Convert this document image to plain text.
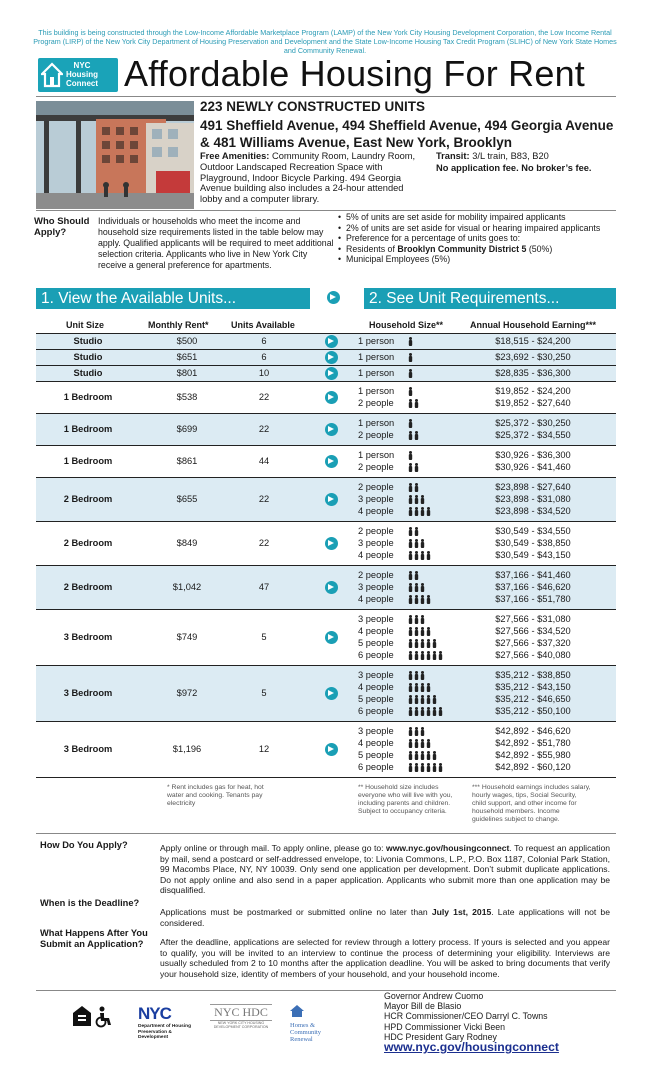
This building is being constructed through the Low-Income Affordable Marketplace Program (LAMP) of the New York City Housing Development Corporation, the Low Income Rental Program (LIRP) of the New York City Department of Housing Preservation and Development and the State Low-Income Housing Tax Credit Program (SLIHC) of New York State Homes and Community Renewal.
NYC
Housing
Connect Affordable Housing For Rent
223 NEWLY CONSTRUCTED UNITS
491 Sheffield Avenue, 494 Sheffield Avenue, 494 Georgia Avenue
& 481 Williams Avenue, East New York, Brooklyn
Free Amenities: Community Room, Laundry Room, Outdoor Landscaped Recreation Space with Playground, Indoor Bicycle Parking. 494 Georgia Avenue building also includes a 24-hour attended lobby and a computer library.
Transit: 3/L train, B83, B20
No application fee. No broker’s fee.
Who Should Apply?
Individuals or households who meet the income and household size requirements listed in the table below may apply. Qualified applicants will be required to meet additional selection criteria. Applicants who live in New York City receive a general preference for apartments.
• 5% of units are set aside for mobility impaired applicants
• 2% of units are set aside for visual or hearing impaired applicants
• Preference for a percentage of units goes to:
• Residents of Brooklyn Community District 5 (50%)
• Municipal Employees (5%)
1. View the Available Units...	2. See Unit Requirements...
Unit Size	Monthly Rent*	Units Available	Household Size**	Annual Household Earning***
Studio	$500	6	1 person	$18,515 - $24,200
Studio	$651	6	1 person	$23,692 - $30,250
Studio	$801	10	1 person	$28,835 - $36,300
1 Bedroom	$538	22
1 person	$19,852 - $24,200
2 people	$19,852 - $27,640
1 Bedroom	$699	22
1 person	$25,372 - $30,250
2 people	$25,372 - $34,550
1 Bedroom	$861	44
1 person	$30,926 - $36,300
2 people	$30,926 - $41,460
2 Bedroom	$655	22
2 people	$23,898 - $27,640
3 people	$23,898 - $31,080
4 people	$23,898 - $34,520
2 Bedroom	$849	22
2 people	$30,549 - $34,550
3 people	$30,549 - $38,850
4 people	$30,549 - $43,150
2 Bedroom	$1,042	47
2 people	$37,166 - $41,460
3 people	$37,166 - $46,620
4 people	$37,166 - $51,780
3 Bedroom	$749	5
3 people	$27,566 - $31,080
4 people	$27,566 - $34,520
5 people	$27,566 - $37,320
6 people	$27,566 - $40,080
3 Bedroom	$972	5
3 people	$35,212 - $38,850
4 people	$35,212 - $43,150
5 people	$35,212 - $46,650
6 people	$35,212 - $50,100
3 Bedroom	$1,196	12
3 people	$42,892 - $46,620
4 people	$42,892 - $51,780
5 people	$42,892 - $55,980
6 people	$42,892 - $60,120
* Rent includes gas for heat, hot water and cooking. Tenants pay electricity
** Household size includes everyone who will live with you, including parents and children. Subject to occupancy criteria.
*** Household earnings includes salary, hourly wages, tips, Social Security, child support, and other income for household members. Income guidelines subject to change.
How Do You Apply?	Apply online or through mail. To apply online, please go to: www.nyc.gov/housingconnect. To request an application by mail, send a postcard or self-addressed envelope, to: Livonia Commons, L.P., P.O. Box 1187, Colonial Park Station, 99 Macombs Place, NY, NY 10039. Only send one application per development. Don’t submit duplicate applications. Do not apply online and also send in a paper application. Applicants who submit more than one application may be disqualified.
When is the Deadline?
Applications must be postmarked or submitted online no later than July 1st, 2015. Late applications will not be considered.
What Happens After You Submit an Application?	After the deadline, applications are selected for review through a lottery process. If yours is selected and you appear to qualify, you will be invited to an interview to continue the process of determining your eligibility. Interviews are usually scheduled from 2 to 10 months after the application deadline. You will be asked to bring documents that verify your household size, identity of members of your household, and your household income.
NYC
Department of Housing Preservation & Development
NYC HDC
NEW YORK CITY HOUSING DEVELOPMENT CORPORATION	Homes & Community Renewal
Governor Andrew Cuomo
Mayor Bill de Blasio
HCR Commissioner/CEO Darryl C. Towns
HPD Commissioner Vicki Been
HDC President Gary Rodney
www.nyc.gov/housingconnect
